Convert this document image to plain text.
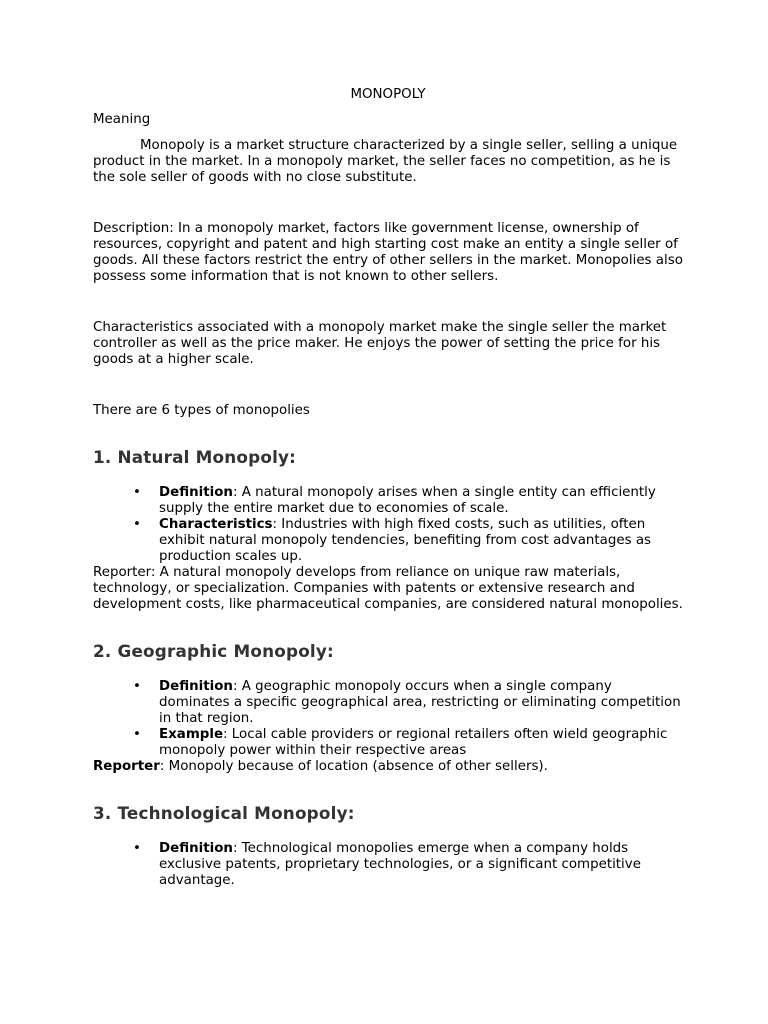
MONOPOLY

Meaning

Monopoly is a market structure characterized by a single seller, selling a unique product in the market. In a monopoly market, the seller faces no competition, as he is the sole seller of goods with no close substitute.

Description: In a monopoly market, factors like government license, ownership of resources, copyright and patent and high starting cost make an entity a single seller of goods. All these factors restrict the entry of other sellers in the market. Monopolies also possess some information that is not known to other sellers.

Characteristics associated with a monopoly market make the single seller the market controller as well as the price maker. He enjoys the power of setting the price for his goods at a higher scale.

There are 6 types of monopolies

1. Natural Monopoly:
• Definition: A natural monopoly arises when a single entity can efficiently supply the entire market due to economies of scale.
• Characteristics: Industries with high fixed costs, such as utilities, often exhibit natural monopoly tendencies, benefiting from cost advantages as production scales up.

Reporter: A natural monopoly develops from reliance on unique raw materials, technology, or specialization. Companies with patents or extensive research and development costs, like pharmaceutical companies, are considered natural monopolies.

2. Geographic Monopoly:
• Definition: A geographic monopoly occurs when a single company dominates a specific geographical area, restricting or eliminating competition in that region.
• Example: Local cable providers or regional retailers often wield geographic monopoly power within their respective areas

Reporter: Monopoly because of location (absence of other sellers).

3. Technological Monopoly:
• Definition: Technological monopolies emerge when a company holds exclusive patents, proprietary technologies, or a significant competitive advantage.
